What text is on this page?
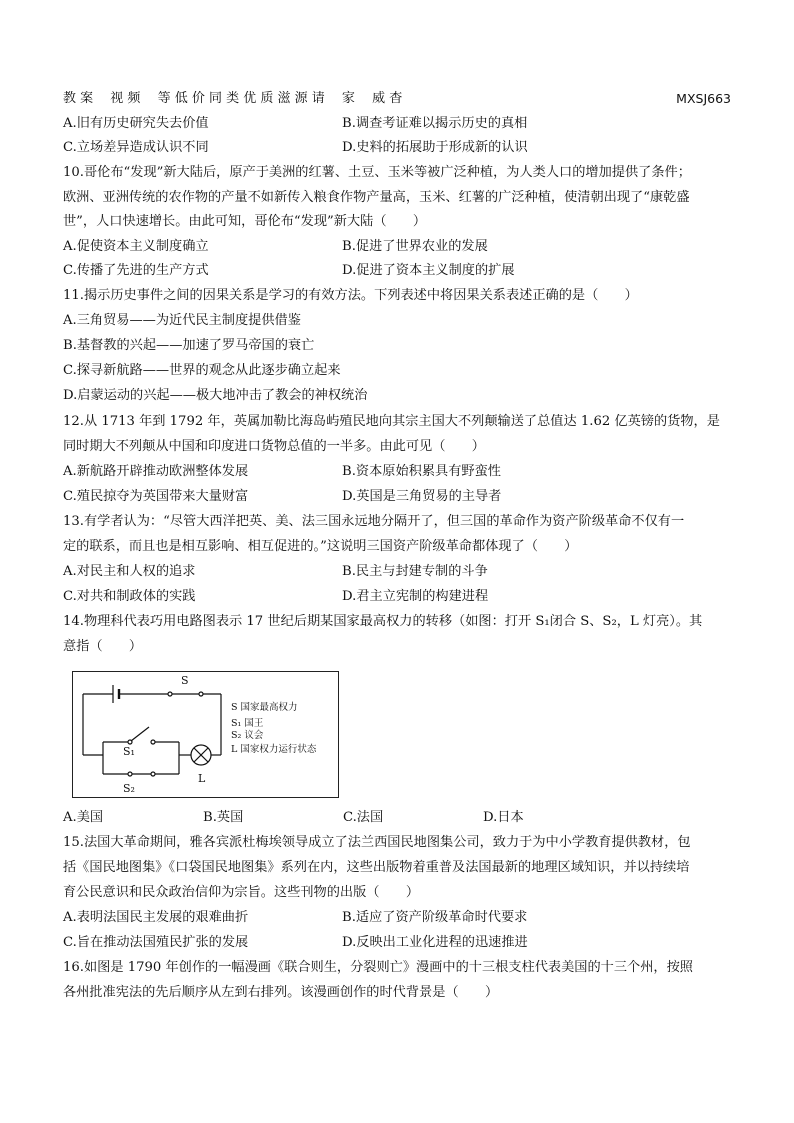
教 案 视 频 等 低 价 同 类 优 质 滋 源 请 家 威 杳	MXSJ663
A.旧有历史研究失去价值	B.调查考证难以揭示历史的真相
C.立场差异造成认识不同	D.史料的拓展助于形成新的认识
10.哥伦布“发现”新大陆后，原产于美洲的红薯、土豆、玉米等被广泛种植，为人类人口的增加提供了条件；
欧洲、亚洲传统的农作物的产量不如新传入粮食作物产量高，玉米、红薯的广泛种植，使清朝出现了“康乾盛
世”，人口快速增长。由此可知，哥伦布“发现”新大陆（　　）
A.促使资本主义制度确立	B.促进了世界农业的发展
C.传播了先进的生产方式	D.促进了资本主义制度的扩展
11.揭示历史事件之间的因果关系是学习的有效方法。下列表述中将因果关系表述正确的是（　　）
A.三角贸易——为近代民主制度提供借鉴
B.基督教的兴起——加速了罗马帝国的衰亡
C.探寻新航路——世界的观念从此逐步确立起来
D.启蒙运动的兴起——极大地冲击了教会的神权统治
12.从 1713 年到 1792 年，英属加勒比海岛屿殖民地向其宗主国大不列颠输送了总值达 1.62 亿英镑的货物，是
同时期大不列颠从中国和印度进口货物总值的一半多。由此可见（　　）
A.新航路开辟推动欧洲整体发展	B.资本原始积累具有野蛮性
C.殖民掠夺为英国带来大量财富	D.英国是三角贸易的主导者
13.有学者认为：“尽管大西洋把英、美、法三国永远地分隔开了，但三国的革命作为资产阶级革命不仅有一
定的联系，而且也是相互影响、相互促进的。”这说明三国资产阶级革命都体现了（　　）
A.对民主和人权的追求	B.民主与封建专制的斗争
C.对共和制政体的实践	D.君主立宪制的构建进程
14.物理科代表巧用电路图表示 17 世纪后期某国家最高权力的转移（如图：打开 S₁闭合 S、S₂，L 灯亮）。其
意指（　　）
S
S₁
S₂
L
S 国家最高权力
S₁ 国王
S₂ 议会
L 国家权力运行状态
A.美国	B.英国	C.法国	D.日本
15.法国大革命期间，雅各宾派杜梅埃领导成立了法兰西国民地图集公司，致力于为中小学教育提供教材，包
括《国民地图集》《口袋国民地图集》系列在内，这些出版物着重普及法国最新的地理区域知识，并以持续培
育公民意识和民众政治信仰为宗旨。这些刊物的出版（　　）
A.表明法国民主发展的艰难曲折	B.适应了资产阶级革命时代要求
C.旨在推动法国殖民扩张的发展	D.反映出工业化进程的迅速推进
16.如图是 1790 年创作的一幅漫画《联合则生，分裂则亡》漫画中的十三根支柱代表美国的十三个州，按照
各州批准宪法的先后顺序从左到右排列。该漫画创作的时代背景是（　　）
